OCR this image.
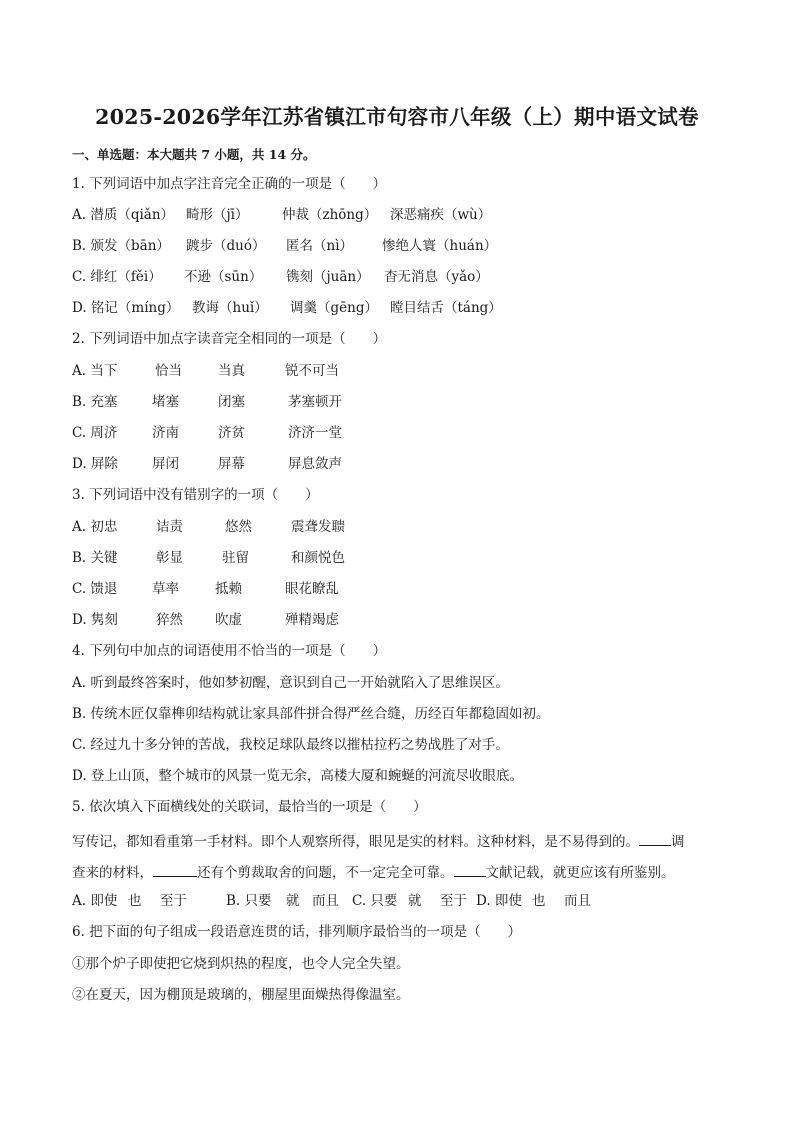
2025-2026学年江苏省镇江市句容市八年级（上）期中语文试卷
一、单选题：本大题共 7 小题，共 14 分。
1. 下列词语中加点字注音完全正确的一项是（　　）
A. 潜质（qiǎn） 畸形（jī） 仲裁（zhōng） 深恶痛疾（wù）
B. 颁发（bān） 踱步（duó） 匿名（nì） 惨绝人寰（huán）
C. 绯红（fěi） 不逊（sūn） 镌刻（juān） 杳无消息（yǎo）
D. 铭记（míng） 教诲（huǐ） 调羹（gēng） 瞠目结舌（táng）
2. 下列词语中加点字读音完全相同的一项是（　　）
A. 当下	恰当	当真	锐不可当
B. 充塞	堵塞	闭塞	茅塞顿开
C. 周济	济南	济贫	济济一堂
D. 屏除	屏闭	屏幕	屏息敛声
3. 下列词语中没有错别字的一项（　　）
A. 初忠	诘责	悠然	震聋发聩
B. 关键	彰显	驻留	和颜悦色
C. 馈退	草率	抵赖	眼花瞭乱
D. 隽刻	猝然 吹虚	殚精竭虑
4. 下列句中加点的词语使用不恰当的一项是（　　）
A. 听到最终答案时，他如梦初醒，意识到自己一开始就陷入了思维误区。
B. 传统木匠仅靠榫卯结构就让家具部件拼合得严丝合缝，历经百年都稳固如初。
C. 经过九十多分钟的苦战，我校足球队最终以摧枯拉朽之势战胜了对手。
D. 登上山顶，整个城市的风景一览无余，高楼大厦和蜿蜒的河流尽收眼底。
5. 依次填入下面横线处的关联词，最恰当的一项是（　　）
写传记，都知看重第一手材料。即个人观察所得，眼见是实的材料。这种材料，是不易得到的。 调
查来的材料，	还有个剪裁取舍的问题，不一定完全可靠。 文献记载，就更应该有所鉴别。
A. 即使 也 至于	B. 只要 就 而且 C. 只要 就 至于 D. 即使 也 而且
6. 把下面的句子组成一段语意连贯的话，排列顺序最恰当的一项是（　　）
①那个炉子即使把它烧到炽热的程度，也令人完全失望。
②在夏天，因为棚顶是玻璃的，棚屋里面燥热得像温室。
